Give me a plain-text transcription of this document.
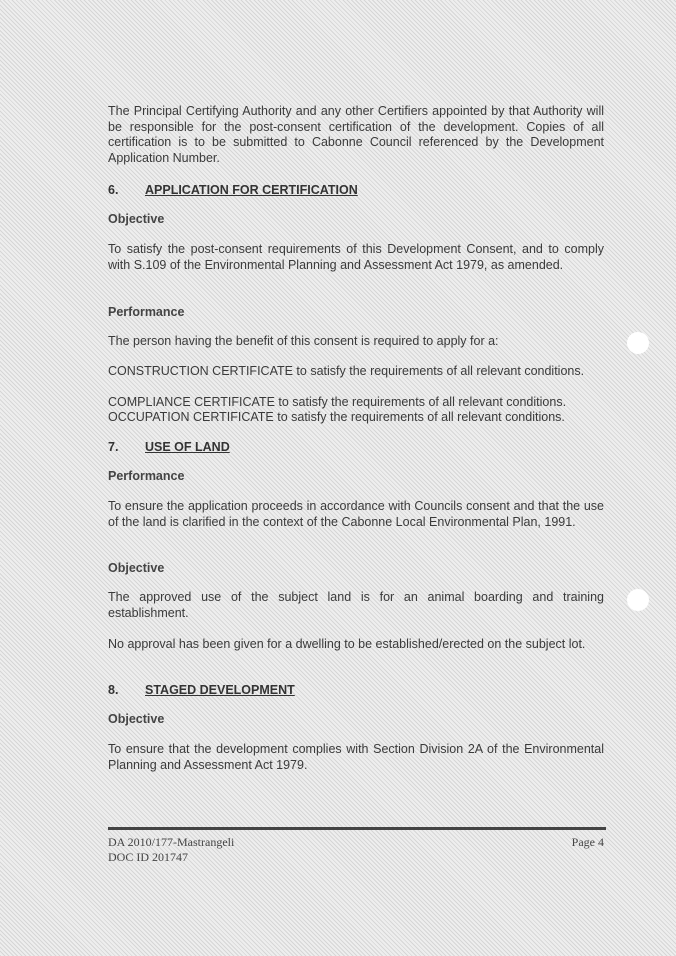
The Principal Certifying Authority and any other Certifiers appointed by that Authority will be responsible for the post-consent certification of the development. Copies of all certification is to be submitted to Cabonne Council referenced by the Development Application Number.
6. APPLICATION FOR CERTIFICATION
Objective
To satisfy the post-consent requirements of this Development Consent, and to comply with S.109 of the Environmental Planning and Assessment Act 1979, as amended.
Performance
The person having the benefit of this consent is required to apply for a:
CONSTRUCTION CERTIFICATE to satisfy the requirements of all relevant conditions.
COMPLIANCE CERTIFICATE to satisfy the requirements of all relevant conditions.
OCCUPATION CERTIFICATE to satisfy the requirements of all relevant conditions.
7. USE OF LAND
Performance
To ensure the application proceeds in accordance with Councils consent and that the use of the land is clarified in the context of the Cabonne Local Environmental Plan, 1991.
Objective
The approved use of the subject land is for an animal boarding and training establishment.
No approval has been given for a dwelling to be established/erected on the subject lot.
8. STAGED DEVELOPMENT
Objective
To ensure that the development complies with Section Division 2A of the Environmental Planning and Assessment Act 1979.
DA 2010/177-Mastrangeli
DOC ID 201747
Page 4
